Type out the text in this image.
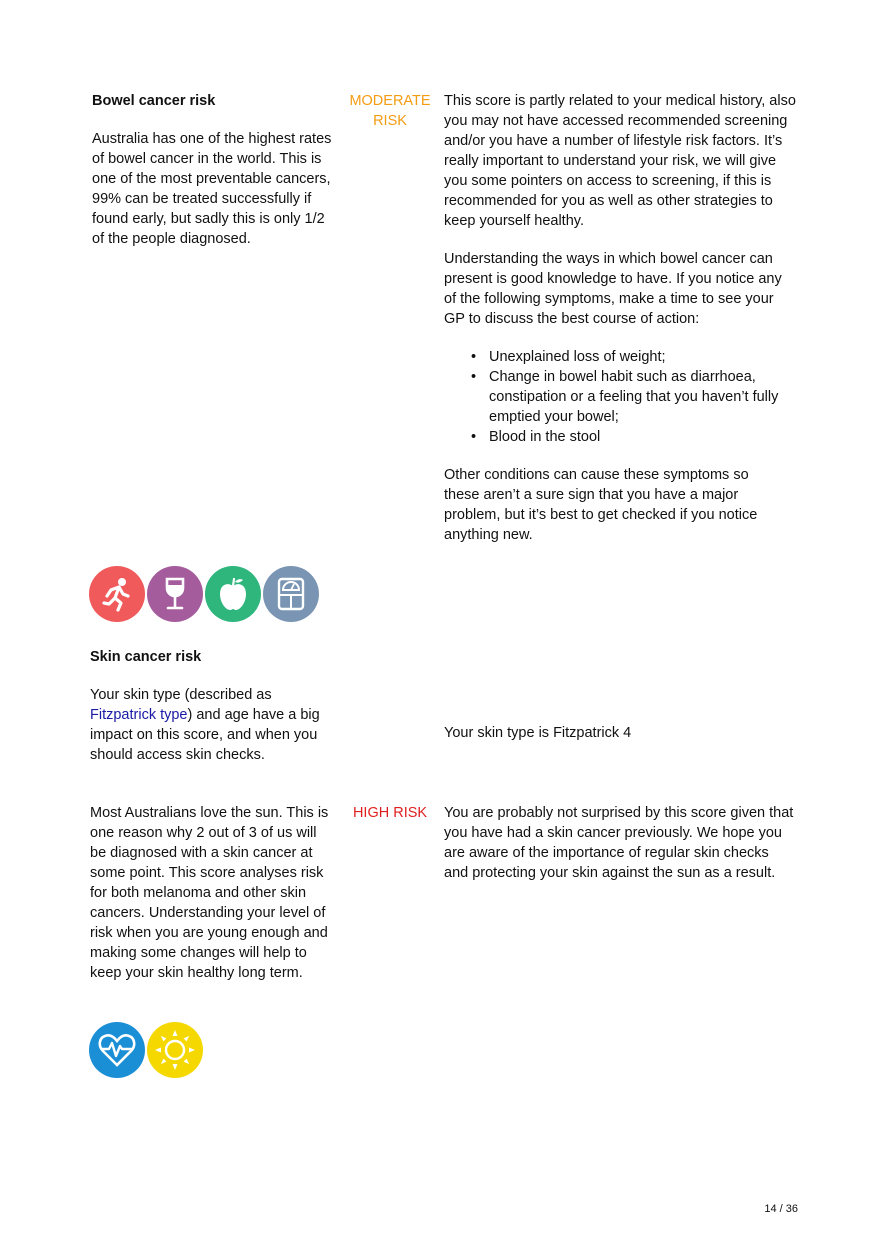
Bowel cancer risk
Australia has one of the highest rates of bowel cancer in the world. This is one of the most preventable cancers, 99% can be treated successfully if found early, but sadly this is only 1/2 of the people diagnosed.
MODERATE
RISK
This score is partly related to your medical history, also you may not have accessed recommended screening and/or you have a number of lifestyle risk factors. It’s really important to understand your risk, we will give you some pointers on access to screening, if this is recommended for you as well as other strategies to keep yourself healthy.
Understanding the ways in which bowel cancer can present is good knowledge to have. If you notice any of the following symptoms, make a time to see your GP to discuss the best course of action:
• Unexplained loss of weight;
• Change in bowel habit such as diarrhoea, constipation or a feeling that you haven’t fully emptied your bowel;
• Blood in the stool
Other conditions can cause these symptoms so these aren’t a sure sign that you have a major problem, but it’s best to get checked if you notice anything new.
Skin cancer risk
Your skin type (described as Fitzpatrick type) and age have a big impact on this score, and when you should access skin checks.
Your skin type is Fitzpatrick 4
Most Australians love the sun. This is one reason why 2 out of 3 of us will be diagnosed with a skin cancer at some point. This score analyses risk for both melanoma and other skin cancers. Understanding your level of risk when you are young enough and making some changes will help to keep your skin healthy long term.
HIGH RISK	You are probably not surprised by this score given that you have had a skin cancer previously. We hope you are aware of the importance of regular skin checks and protecting your skin against the sun as a result.
14 / 36
